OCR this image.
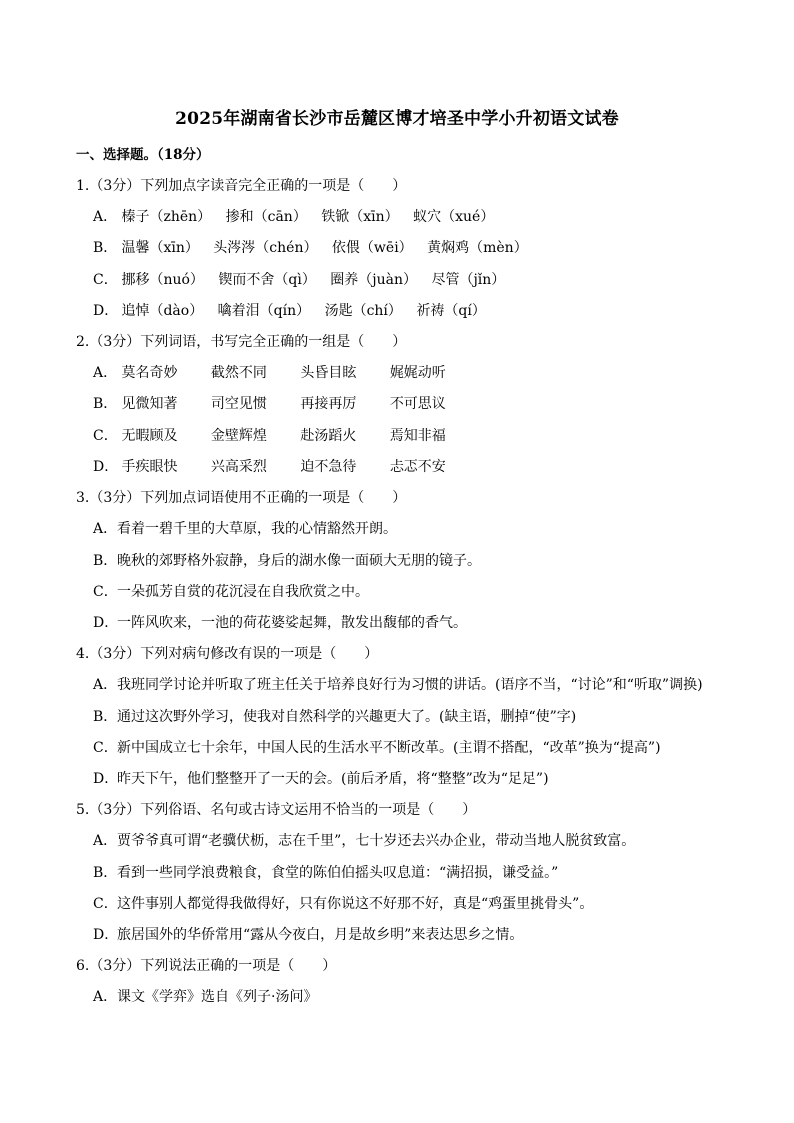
2025年湖南省长沙市岳麓区博才培圣中学小升初语文试卷
一、选择题。（18分）
1.（3分）下列加点字读音完全正确的一项是（　　）
A． 榛子（zhēn） 掺和（cān） 铁锨（xīn） 蚁穴（xué）
B． 温馨（xīn） 头涔涔（chén） 依偎（wēi） 黄焖鸡（mèn）
C． 挪移（nuó） 锲而不舍（qì） 圈养（juàn） 尽管（jǐn）
D． 追悼（dào） 噙着泪（qín） 汤匙（chí） 祈祷（qí）
2.（3分）下列词语，书写完全正确的一组是（　　）
A． 莫名奇妙 截然不同 头昏目眩 娓娓动听
B． 见微知著 司空见惯 再接再厉 不可思议
C． 无暇顾及 金壁辉煌 赴汤蹈火 焉知非福
D． 手疾眼快 兴高采烈 迫不急待 忐忑不安
3.（3分）下列加点词语使用不正确的一项是（　　）
A．看着一碧千里的大草原，我的心情豁然开朗。
B．晚秋的郊野格外寂静，身后的湖水像一面硕大无朋的镜子。
C．一朵孤芳自赏的花沉浸在自我欣赏之中。
D．一阵风吹来，一池的荷花婆娑起舞，散发出馥郁的香气。
4.（3分）下列对病句修改有误的一项是（　　）
A．我班同学讨论并听取了班主任关于培养良好行为习惯的讲话。(语序不当，“讨论”和“听取”调换)
B．通过这次野外学习，使我对自然科学的兴趣更大了。(缺主语，删掉“使”字)
C．新中国成立七十余年，中国人民的生活水平不断改革。(主谓不搭配，“改革”换为“提高”)
D．昨天下午，他们整整开了一天的会。(前后矛盾，将“整整”改为“足足”)
5.（3分）下列俗语、名句或古诗文运用不恰当的一项是（　　）
A．贾爷爷真可谓“老骥伏枥，志在千里”，七十岁还去兴办企业，带动当地人脱贫致富。
B．看到一些同学浪费粮食，食堂的陈伯伯摇头叹息道：“满招损，谦受益。”
C．这件事别人都觉得我做得好，只有你说这不好那不好，真是“鸡蛋里挑骨头”。
D．旅居国外的华侨常用“露从今夜白，月是故乡明”来表达思乡之情。
6.（3分）下列说法正确的一项是（　　）
A．课文《学弈》选自《列子·汤问》
